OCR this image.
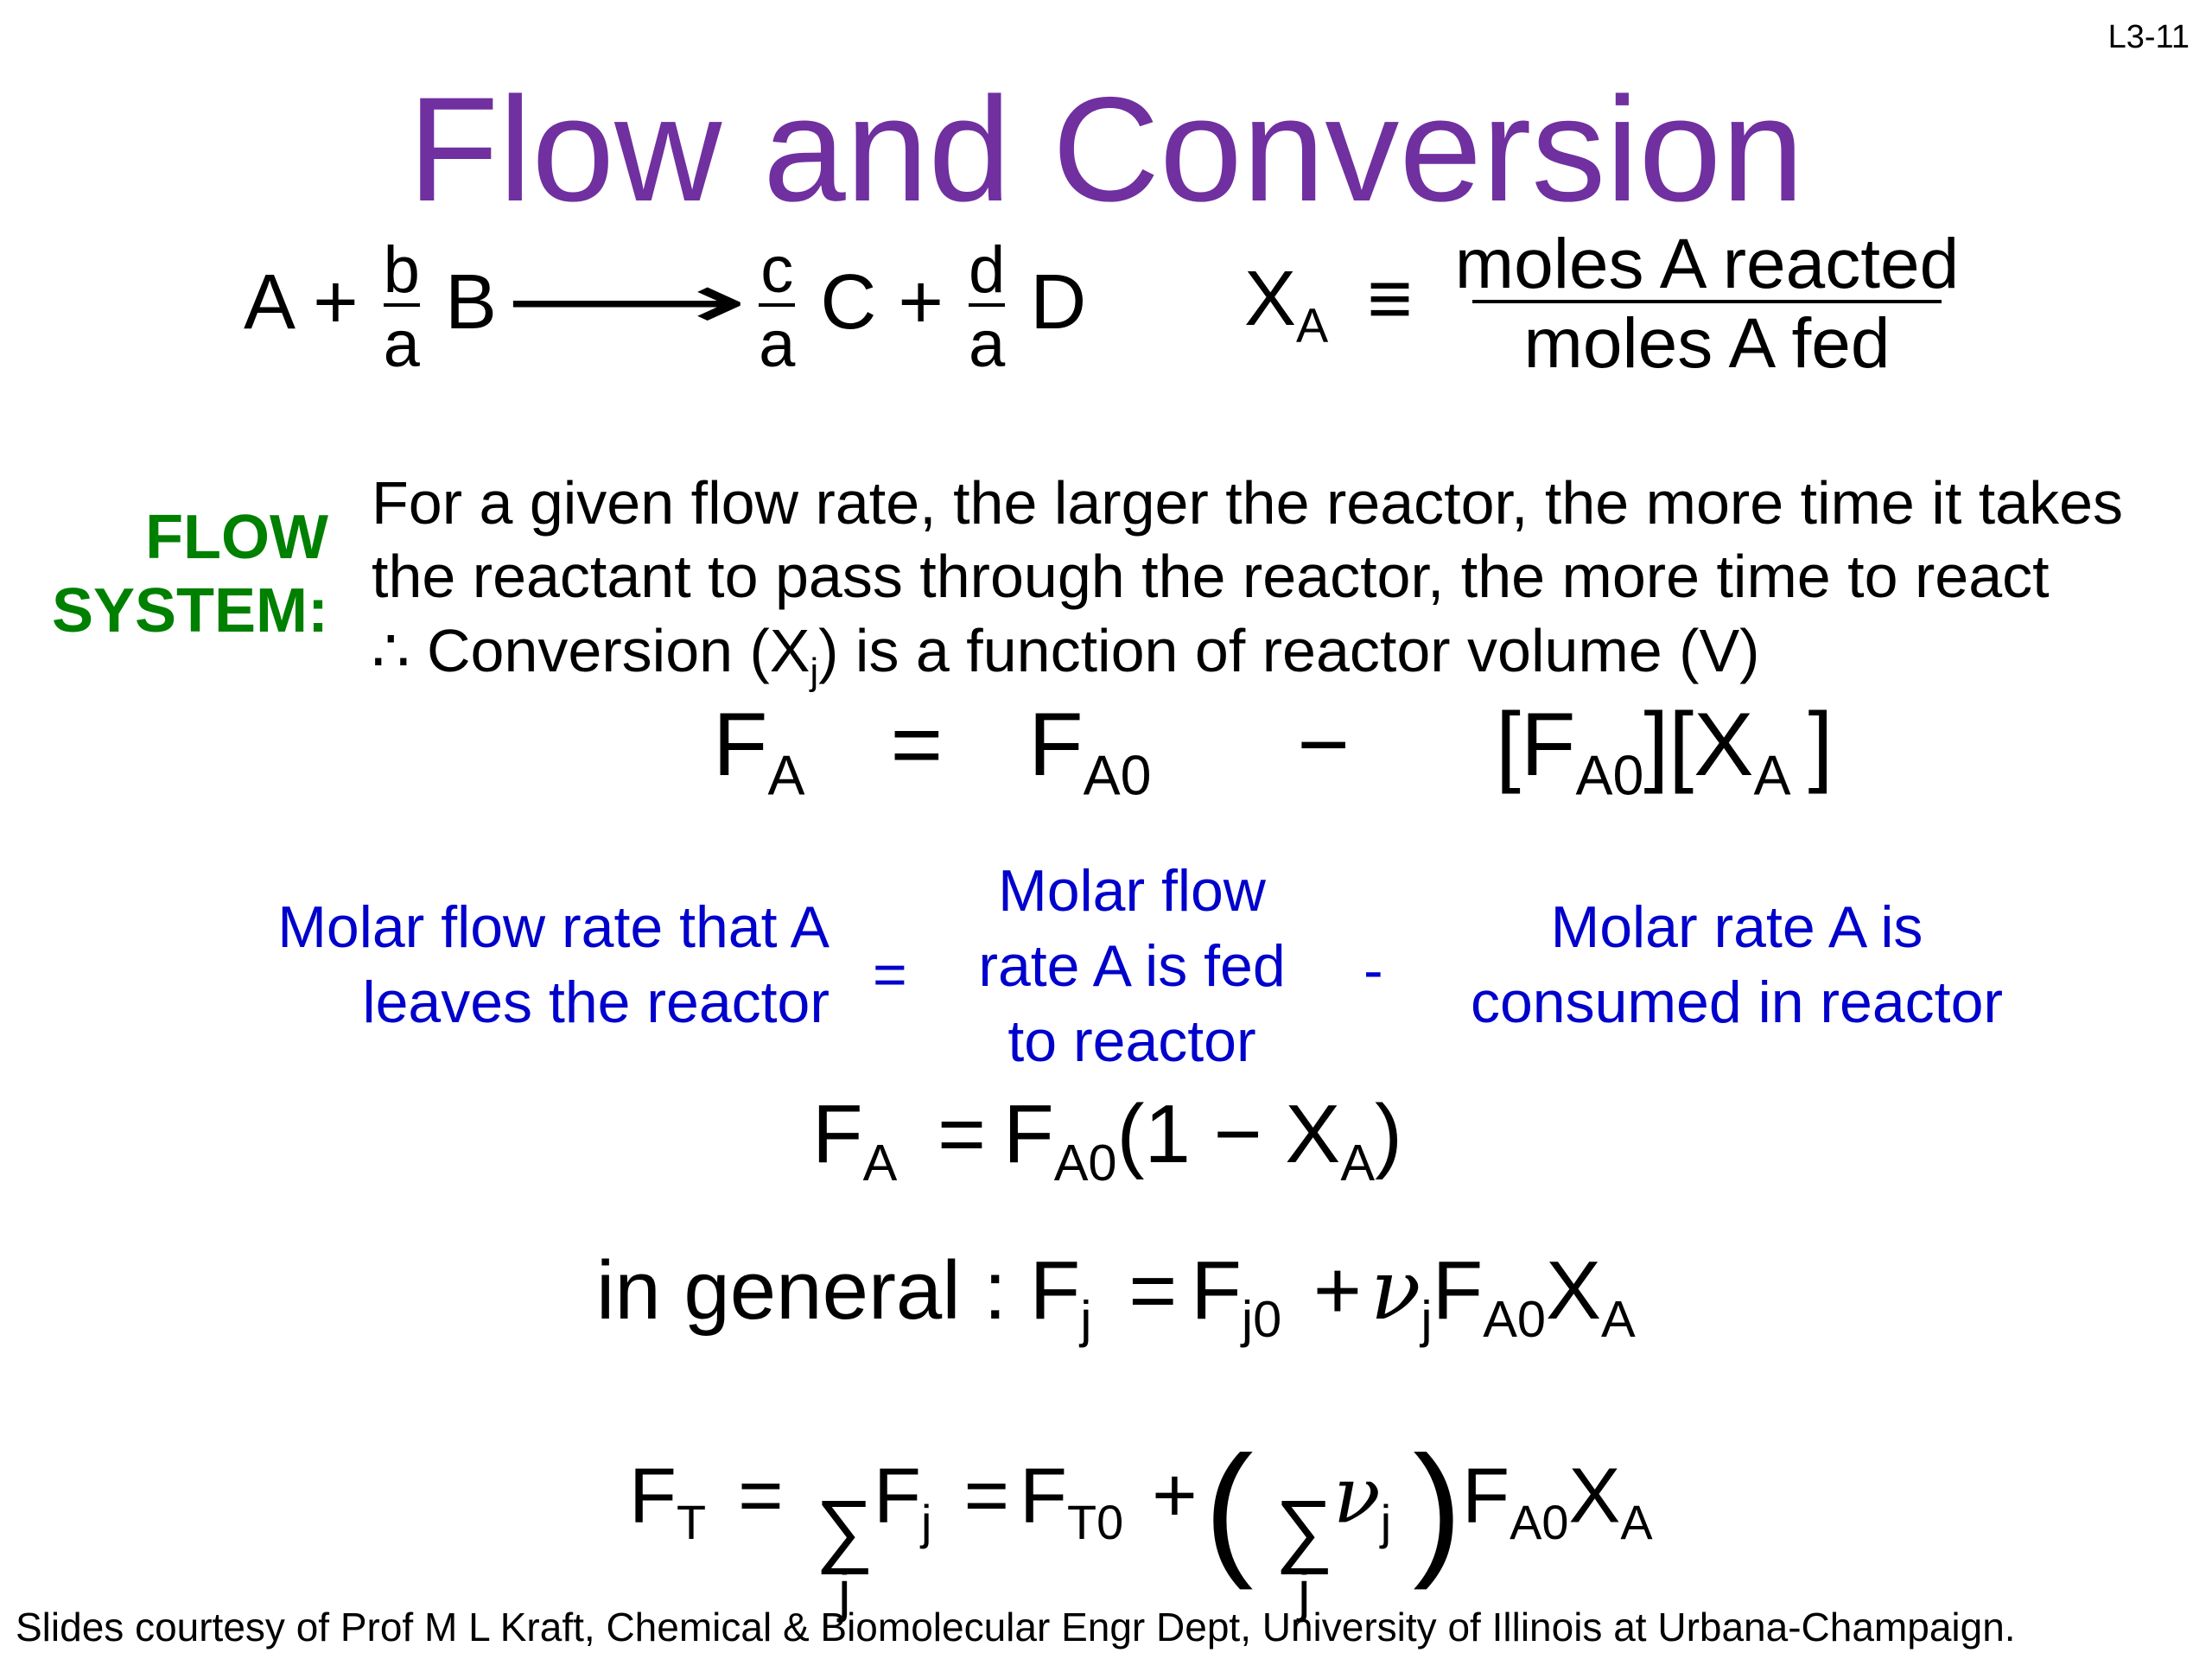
L3-11
Flow and Conversion
$A + \frac{b}{a}$ B ⟶ $\frac{c}{a}$ $C + \frac{d}{a}$ D $X_A \equiv \frac{\text{moles A reacted}}{\text{moles A fed}}$
FLOW
SYSTEM:
For a given flow rate, the larger the reactor, the more time it takes
the reactant to pass through the reactor, the more time to react
∴ Conversion $(X_j)$ is a function of reactor volume (V)
$F_A = F_{A0} - [F_{A0}][X_A$ ]
Molar flow rate that A
leaves the reactor =
Molar flow
rate A is fed
to reactor
-
Molar rate A is
consumed in reactor
$F_A = F_{A0}(1 - X_A)$
in general : $F_j = F_{j0} + \nu_jF_{A0}X_A$
$F_T$ = ∑
j
$F_j = F_{T0}$ +( ∑
j
$\nu_j$ )$F_{A0}X_A$
Slides courtesy of Prof M L Kraft, Chemical & Biomolecular Engr Dept, University of Illinois at Urbana-Champaign.
